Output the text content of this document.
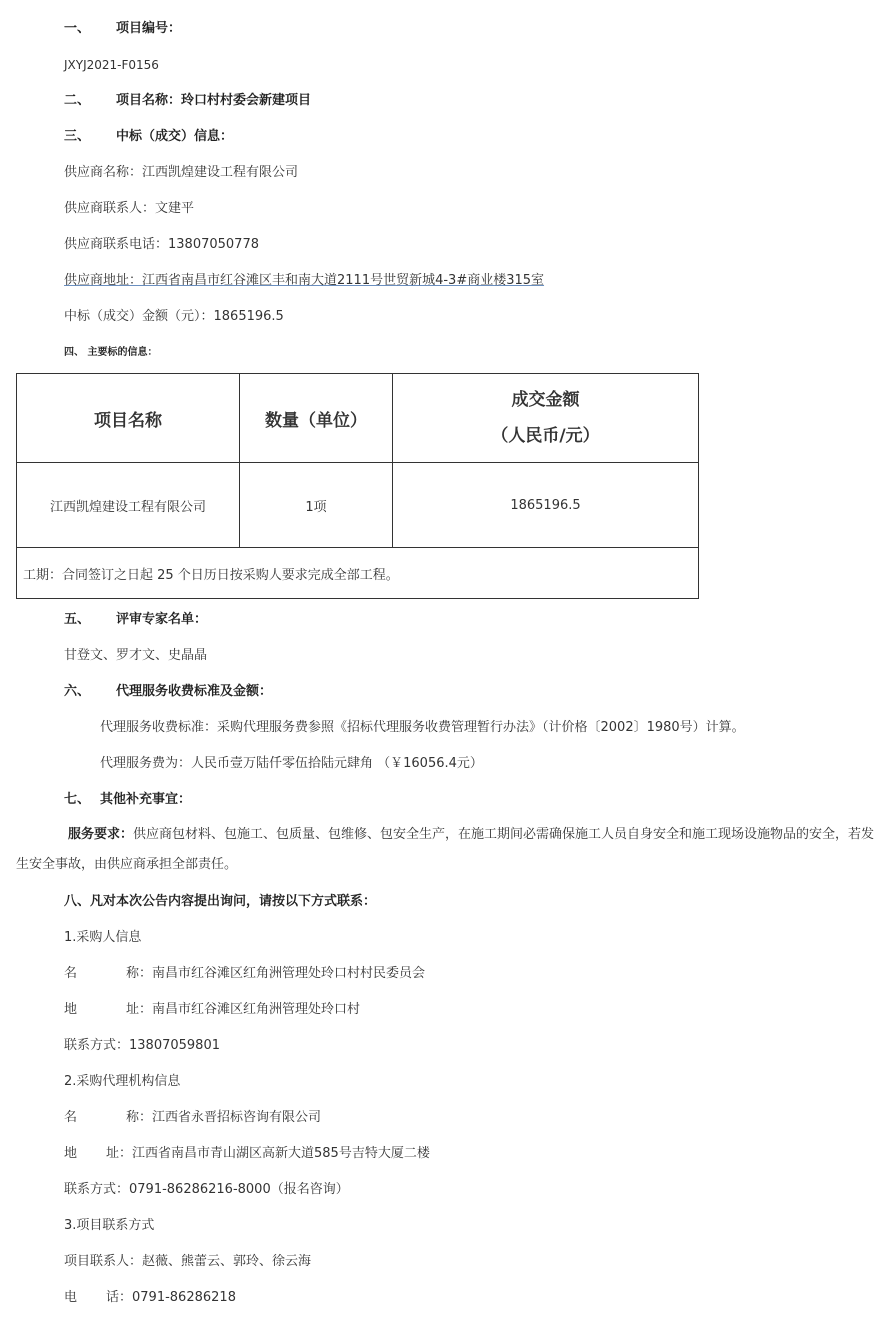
一、 项目编号：
JXYJ2021-F0156
二、 项目名称：玲口村村委会新建项目
三、 中标（成交）信息：
供应商名称：江西凯煌建设工程有限公司
供应商联系人：文建平
供应商联系电话：13807050778
供应商地址：江西省南昌市红谷滩区丰和南大道2111号世贸新城4-3#商业楼315室
中标（成交）金额（元）：1865196.5
四、 主要标的信息：
项目名称	数量（单位）	成交金额
（人民币/元）

江西凯煌建设工程有限公司	1项	1865196.5
工期：合同签订之日起 25 个日历日按采购人要求完成全部工程。		
五、 评审专家名单：
甘登文、罗才文、史晶晶
六、 代理服务收费标准及金额：
代理服务收费标准：采购代理服务费参照《招标代理服务收费管理暂行办法》（计价格〔2002〕1980号）计算。
代理服务费为：人民币壹万陆仟零伍拾陆元肆角 （￥16056.4元）
七、 其他补充事宜：
服务要求：供应商包材料、包施工、包质量、包维修、包安全生产，在施工期间必需确保施工人员自身安全和施工现场设施物品的安全，若发生安全事故，由供应商承担全部责任。
八、凡对本次公告内容提出询问，请按以下方式联系：
1.采购人信息
名	称：南昌市红谷滩区红角洲管理处玲口村村民委员会
地	址：南昌市红谷滩区红角洲管理处玲口村
联系方式：13807059801
2.采购代理机构信息
名	称：江西省永晋招标咨询有限公司
地 址：江西省南昌市青山湖区高新大道585号吉特大厦二楼
联系方式：0791-86286216-8000（报名咨询）
3.项目联系方式
项目联系人：赵薇、熊蕾云、郭玲、徐云海
电 话：0791-86286218
